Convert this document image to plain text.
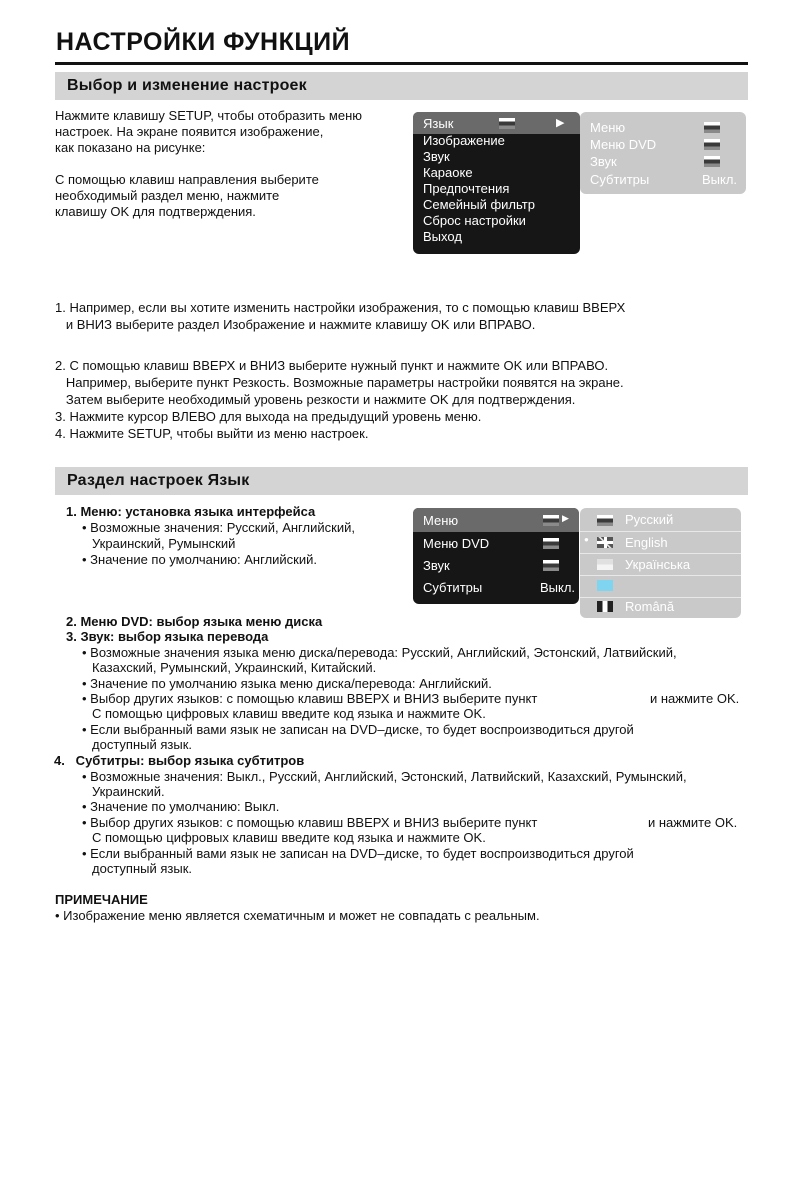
НАСТРОЙКИ ФУНКЦИЙ
Выбор и изменение настроек
Нажмите клавишу SETUP, чтобы отобразить меню
настроек. На экране появится изображение,
как показано на рисунке:
С помощью клавиш направления выберите
необходимый раздел меню, нажмите
клавишу OK для подтверждения.
Язык	▶
Изображение
Звук
Караоке
Предпочтения
Семейный фильтр
Сброс настройки
Выход
Меню
Меню DVD
Звук
Субтитры	Выкл.
1. Например, если вы хотите изменить настройки изображения, то с помощью клавиш ВВЕРХ
и ВНИЗ выберите раздел Изображение и нажмите клавишу OK или ВПРАВО.
2. С помощью клавиш ВВЕРХ и ВНИЗ выберите нужный пункт и нажмите OK или ВПРАВО.
Например, выберите пункт Резкость. Возможные параметры настройки появятся на экране.
Затем выберите необходимый уровень резкости и нажмите OK для подтверждения.
3. Нажмите курсор ВЛЕВО для выхода на предыдущий уровень меню.
4. Нажмите SETUP, чтобы выйти из меню настроек.
Раздел настроек Язык
1. Меню: установка языка интерфейса
• Возможные значения: Русский, Английский,
Украинский, Румынский
• Значение по умолчанию: Английский.
Меню	▶
Меню DVD
Звук
Субтитры	Выкл.
Русский
●	English
Українська
Română
2. Меню DVD: выбор языка меню диска
3. Звук: выбор языка перевода
• Возможные значения языка меню диска/перевода: Русский, Английский, Эстонский, Латвийский,
Казахский, Румынский, Украинский, Китайский.
• Значение по умолчанию языка меню диска/перевода: Английский.
• Выбор других языков: с помощью клавиш ВВЕРХ и ВНИЗ выберите пункт	и нажмите OK.
С помощью цифровых клавиш введите код языка и нажмите OK.
• Если выбранный вами язык не записан на DVD–диске, то будет воспроизводиться другой
доступный язык.
4.   Субтитры: выбор языка субтитров
• Возможные значения: Выкл., Русский, Английский, Эстонский, Латвийский, Казахский, Румынский,
Украинский.
• Значение по умолчанию: Выкл.
• Выбор других языков: с помощью клавиш ВВЕРХ и ВНИЗ выберите пункт	и нажмите OK.
С помощью цифровых клавиш введите код языка и нажмите OK.
• Если выбранный вами язык не записан на DVD–диске, то будет воспроизводиться другой
доступный язык.
ПРИМЕЧАНИЕ
• Изображение меню является схематичным и может не совпадать с реальным.
